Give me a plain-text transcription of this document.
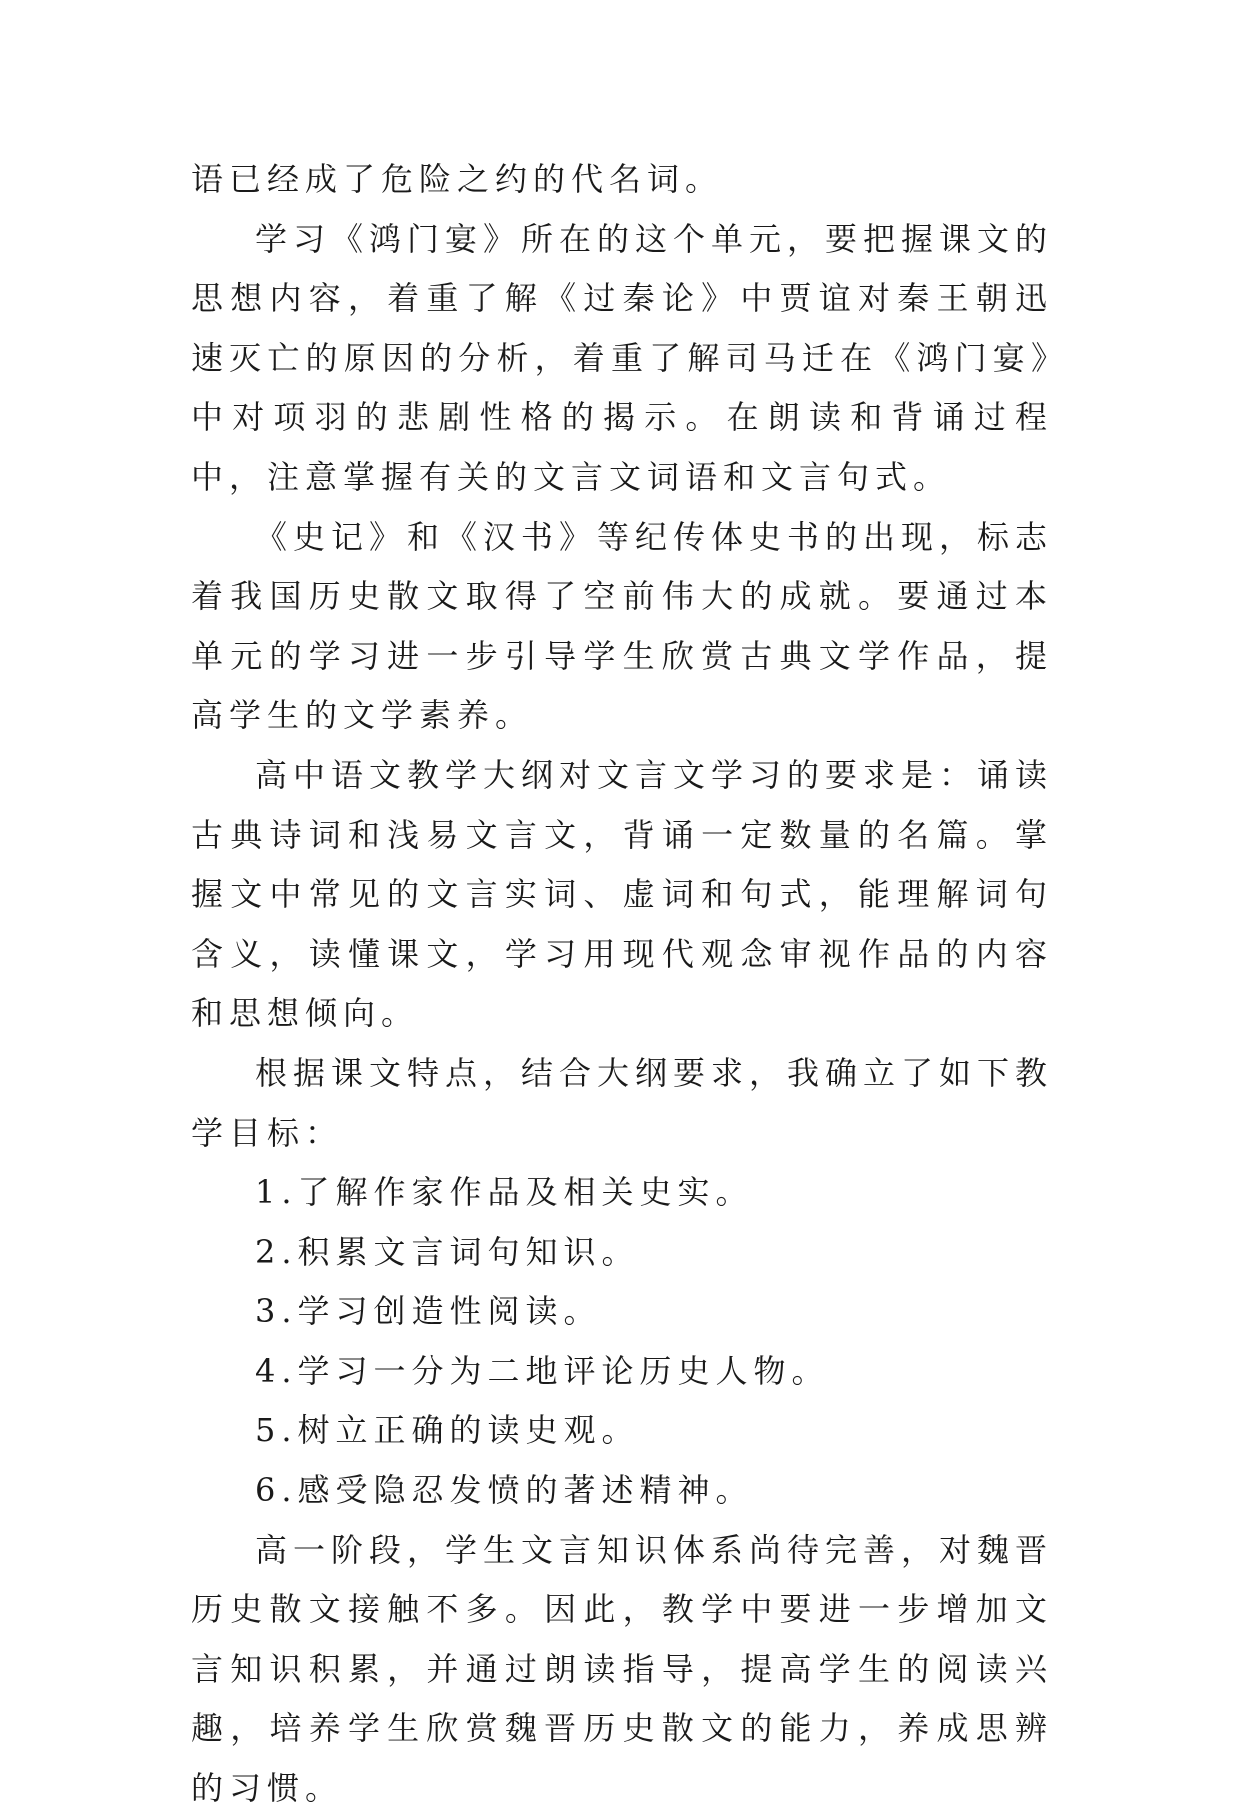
语已经成了危险之约的代名词。

学习《鸿门宴》所在的这个单元，要把握课文的思想内容，着重了解《过秦论》中贾谊对秦王朝迅速灭亡的原因的分析，着重了解司马迁在《鸿门宴》中对项羽的悲剧性格的揭示。在朗读和背诵过程中，注意掌握有关的文言文词语和文言句式。

《史记》和《汉书》等纪传体史书的出现，标志着我国历史散文取得了空前伟大的成就。要通过本单元的学习进一步引导学生欣赏古典文学作品，提高学生的文学素养。

高中语文教学大纲对文言文学习的要求是：诵读古典诗词和浅易文言文，背诵一定数量的名篇。掌握文中常见的文言实词、虚词和句式，能理解词句含义，读懂课文，学习用现代观念审视作品的内容和思想倾向。

根据课文特点，结合大纲要求，我确立了如下教学目标：

1.了解作家作品及相关史实。

2.积累文言词句知识。

3.学习创造性阅读。

4.学习一分为二地评论历史人物。

5.树立正确的读史观。

6.感受隐忍发愤的著述精神。

高一阶段，学生文言知识体系尚待完善，对魏晋历史散文接触不多。因此，教学中要进一步增加文言知识积累，并通过朗读指导，提高学生的阅读兴趣，培养学生欣赏魏晋历史散文的能力，养成思辨的习惯。
